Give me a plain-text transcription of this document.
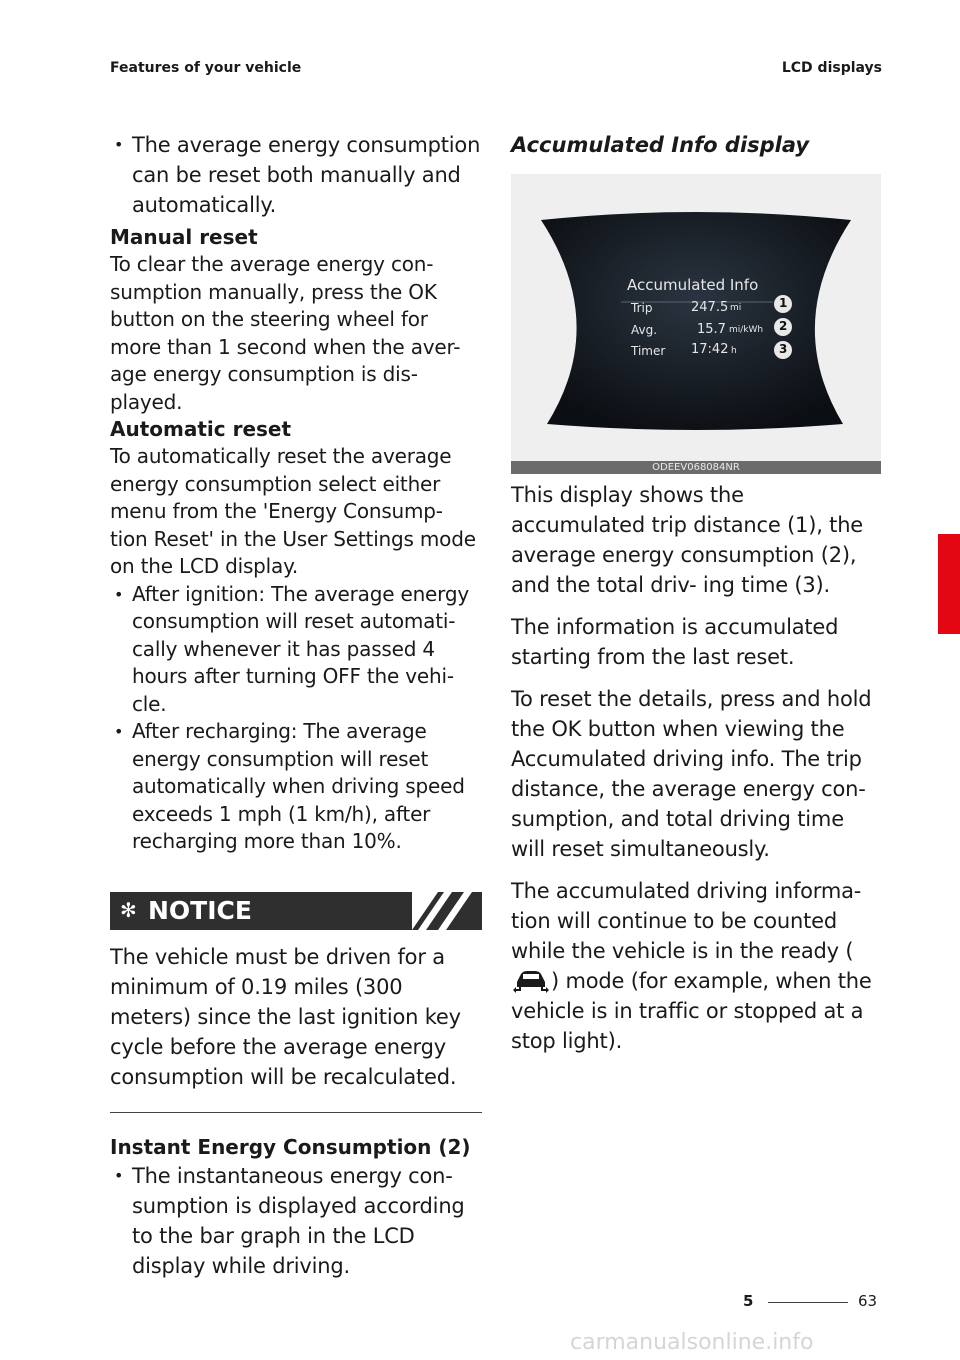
Features of your vehicle	LCD displays

• The average energy consumption can be reset both manually and automatically.

Manual reset

To clear the average energy con- sumption manually, press the OK button on the steering wheel for more than 1 second when the aver- age energy consumption is dis- played.

Automatic reset

To automatically reset the average energy consumption select either menu from the 'Energy Consump- tion Reset' in the User Settings mode on the LCD display.

• After ignition: The average energy consumption will reset automati- cally whenever it has passed 4 hours after turning OFF the vehi- cle.

• After recharging: The average energy consumption will reset automatically when driving speed exceeds 1 mph (1 km/h), after recharging more than 10%.

✻ NOTICE

The vehicle must be driven for a minimum of 0.19 miles (300 meters) since the last ignition key cycle before the average energy consumption will be recalculated.

Instant Energy Consumption (2)

• The instantaneous energy con- sumption is displayed according to the bar graph in the LCD display while driving.

Accumulated Info display

Accumulated Info
Trip	247.5 mi	1
Avg.	15.7 mi/kWh 2
Timer 17:42 h	3
ODEEV068084NR

This display shows the accumulated trip distance (1), the average energy consumption (2), and the total driv- ing time (3).

The information is accumulated starting from the last reset.

To reset the details, press and hold the OK button when viewing the Accumulated driving info. The trip distance, the average energy con- sumption, and total driving time will reset simultaneously.

The accumulated driving informa- tion will continue to be counted while the vehicle is in the ready () mode (for example, when the vehicle is in traffic or stopped at a stop light).

5
5	63
carmanualsonline.info
